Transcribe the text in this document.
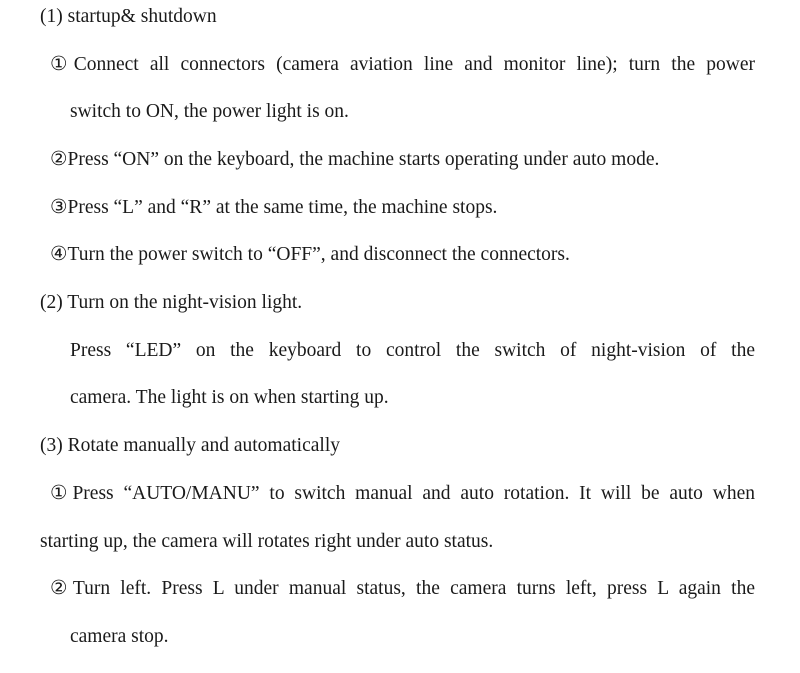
(1) startup& shutdown
①Connect all connectors (camera aviation line and monitor line); turn the power
switch to ON, the power light is on.
②Press “ON” on the keyboard, the machine starts operating under auto mode.
③Press “L” and “R” at the same time, the machine stops.
④Turn the power switch to “OFF”, and disconnect the connectors.
(2) Turn on the night-vision light.
Press “LED” on the keyboard to control the switch of night-vision of the
camera. The light is on when starting up.
(3) Rotate manually and automatically
①Press “AUTO/MANU” to switch manual and auto rotation. It will be auto when
starting up, the camera will rotates right under auto status.
②Turn left. Press L under manual status, the camera turns left, press L again the
camera stop.
